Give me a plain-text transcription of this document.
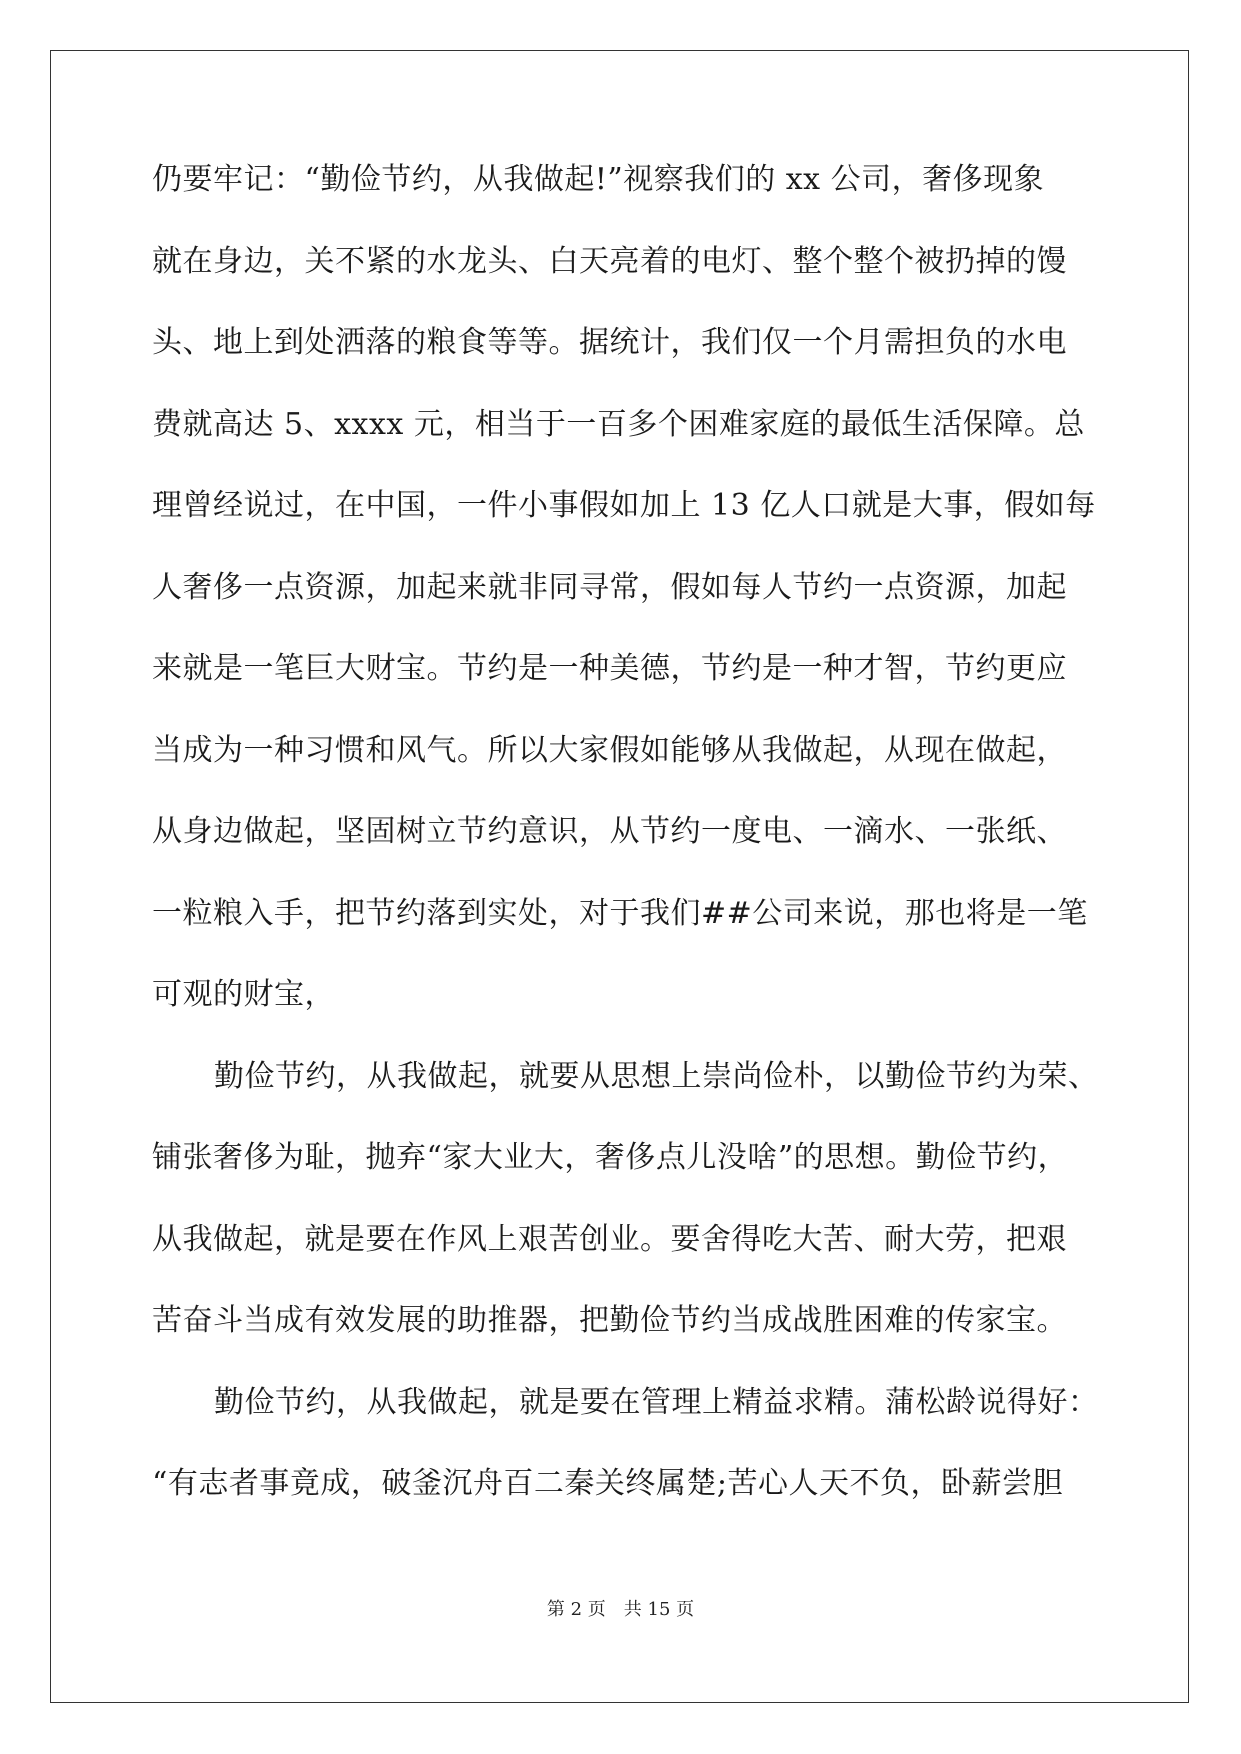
仍要牢记：“勤俭节约，从我做起!”视察我们的 xx 公司，奢侈现象
就在身边，关不紧的水龙头、白天亮着的电灯、整个整个被扔掉的馒
头、地上到处洒落的粮食等等。据统计，我们仅一个月需担负的水电
费就高达 5、xxxx 元，相当于一百多个困难家庭的最低生活保障。总
理曾经说过，在中国，一件小事假如加上 13 亿人口就是大事，假如每
人奢侈一点资源，加起来就非同寻常，假如每人节约一点资源，加起
来就是一笔巨大财宝。节约是一种美德，节约是一种才智，节约更应
当成为一种习惯和风气。所以大家假如能够从我做起，从现在做起，
从身边做起，坚固树立节约意识，从节约一度电、一滴水、一张纸、
一粒粮入手，把节约落到实处，对于我们##公司来说，那也将是一笔
可观的财宝，
勤俭节约，从我做起，就要从思想上崇尚俭朴，以勤俭节约为荣、
铺张奢侈为耻，抛弃“家大业大，奢侈点儿没啥”的思想。勤俭节约，
从我做起，就是要在作风上艰苦创业。要舍得吃大苦、耐大劳，把艰
苦奋斗当成有效发展的助推器，把勤俭节约当成战胜困难的传家宝。
勤俭节约，从我做起，就是要在管理上精益求精。蒲松龄说得好：
“有志者事竟成，破釜沉舟百二秦关终属楚;苦心人天不负，卧薪尝胆
第 2 页　共 15 页
